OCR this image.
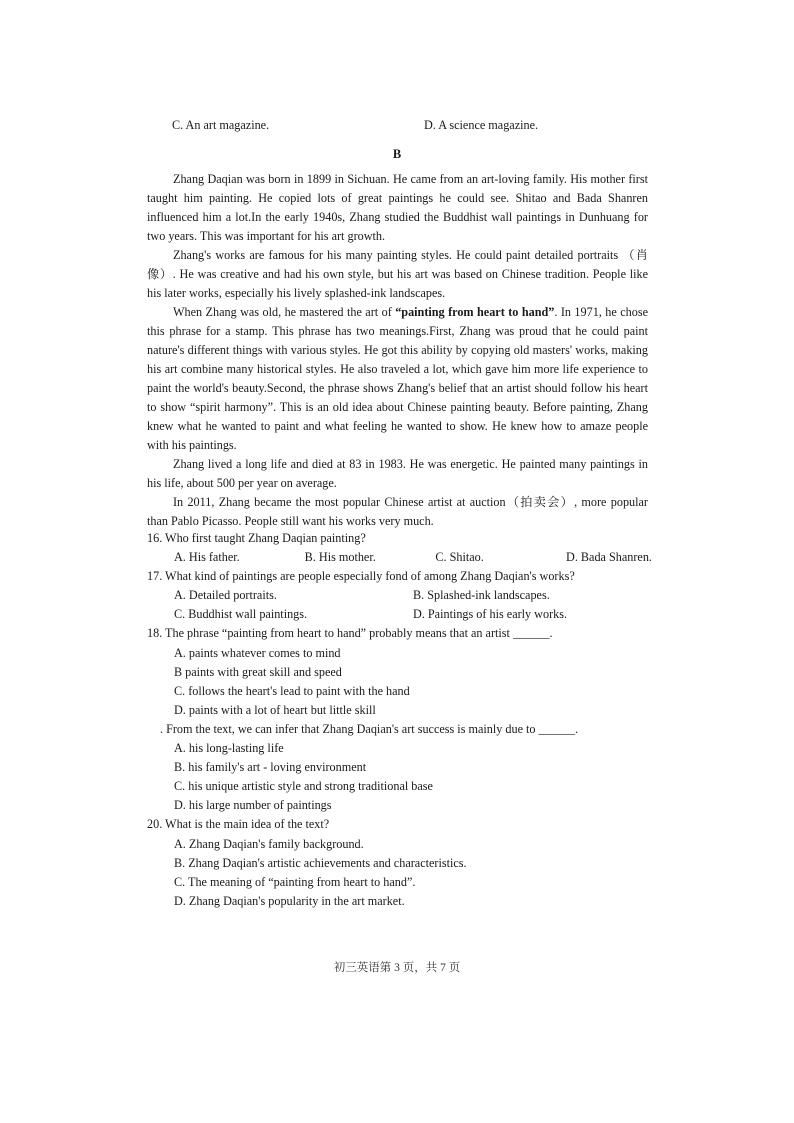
C. An art magazine.	D. A science magazine.
B

Zhang Daqian was born in 1899 in Sichuan. He came from an art-loving family. His mother first taught him painting. He copied lots of great paintings he could see. Shitao and Bada Shanren influenced him a lot.In the early 1940s, Zhang studied the Buddhist wall paintings in Dunhuang for two years. This was important for his art growth.

Zhang's works are famous for his many painting styles. He could paint detailed portraits （肖像）. He was creative and had his own style, but his art was based on Chinese tradition. People like his later works, especially his lively splashed-ink landscapes.

When Zhang was old, he mastered the art of “painting from heart to hand”. In 1971, he chose this phrase for a stamp. This phrase has two meanings.First, Zhang was proud that he could paint nature's different things with various styles. He got this ability by copying old masters' works, making his art combine many historical styles. He also traveled a lot, which gave him more life experience to paint the world's beauty.Second, the phrase shows Zhang's belief that an artist should follow his heart to show “spirit harmony”. This is an old idea about Chinese painting beauty. Before painting, Zhang knew what he wanted to paint and what feeling he wanted to show. He knew how to amaze people with his paintings.

Zhang lived a long life and died at 83 in 1983. He was energetic. He painted many paintings in his life, about 500 per year on average.

In 2011, Zhang became the most popular Chinese artist at auction（拍卖会）, more popular than Pablo Picasso. People still want his works very much.

16. Who first taught Zhang Daqian painting?
A. His father.	B. His mother.	C. Shitao.	D. Bada Shanren.
17. What kind of paintings are people especially fond of among Zhang Daqian's works?
A. Detailed portraits.	B. Splashed-ink landscapes.
C. Buddhist wall paintings.	D. Paintings of his early works.
18. The phrase “painting from heart to hand” probably means that an artist ______.
A. paints whatever comes to mind
B paints with great skill and speed
C. follows the heart's lead to paint with the hand
D. paints with a lot of heart but little skill
. From the text, we can infer that Zhang Daqian's art success is mainly due to ______.
A. his long-lasting life
B. his family's art - loving environment
C. his unique artistic style and strong traditional base
D. his large number of paintings
20. What is the main idea of the text?
A. Zhang Daqian's family background.
B. Zhang Daqian's artistic achievements and characteristics.
C. The meaning of “painting from heart to hand”.
D. Zhang Daqian's popularity in the art market.
初三英语第 3 页，共 7 页
